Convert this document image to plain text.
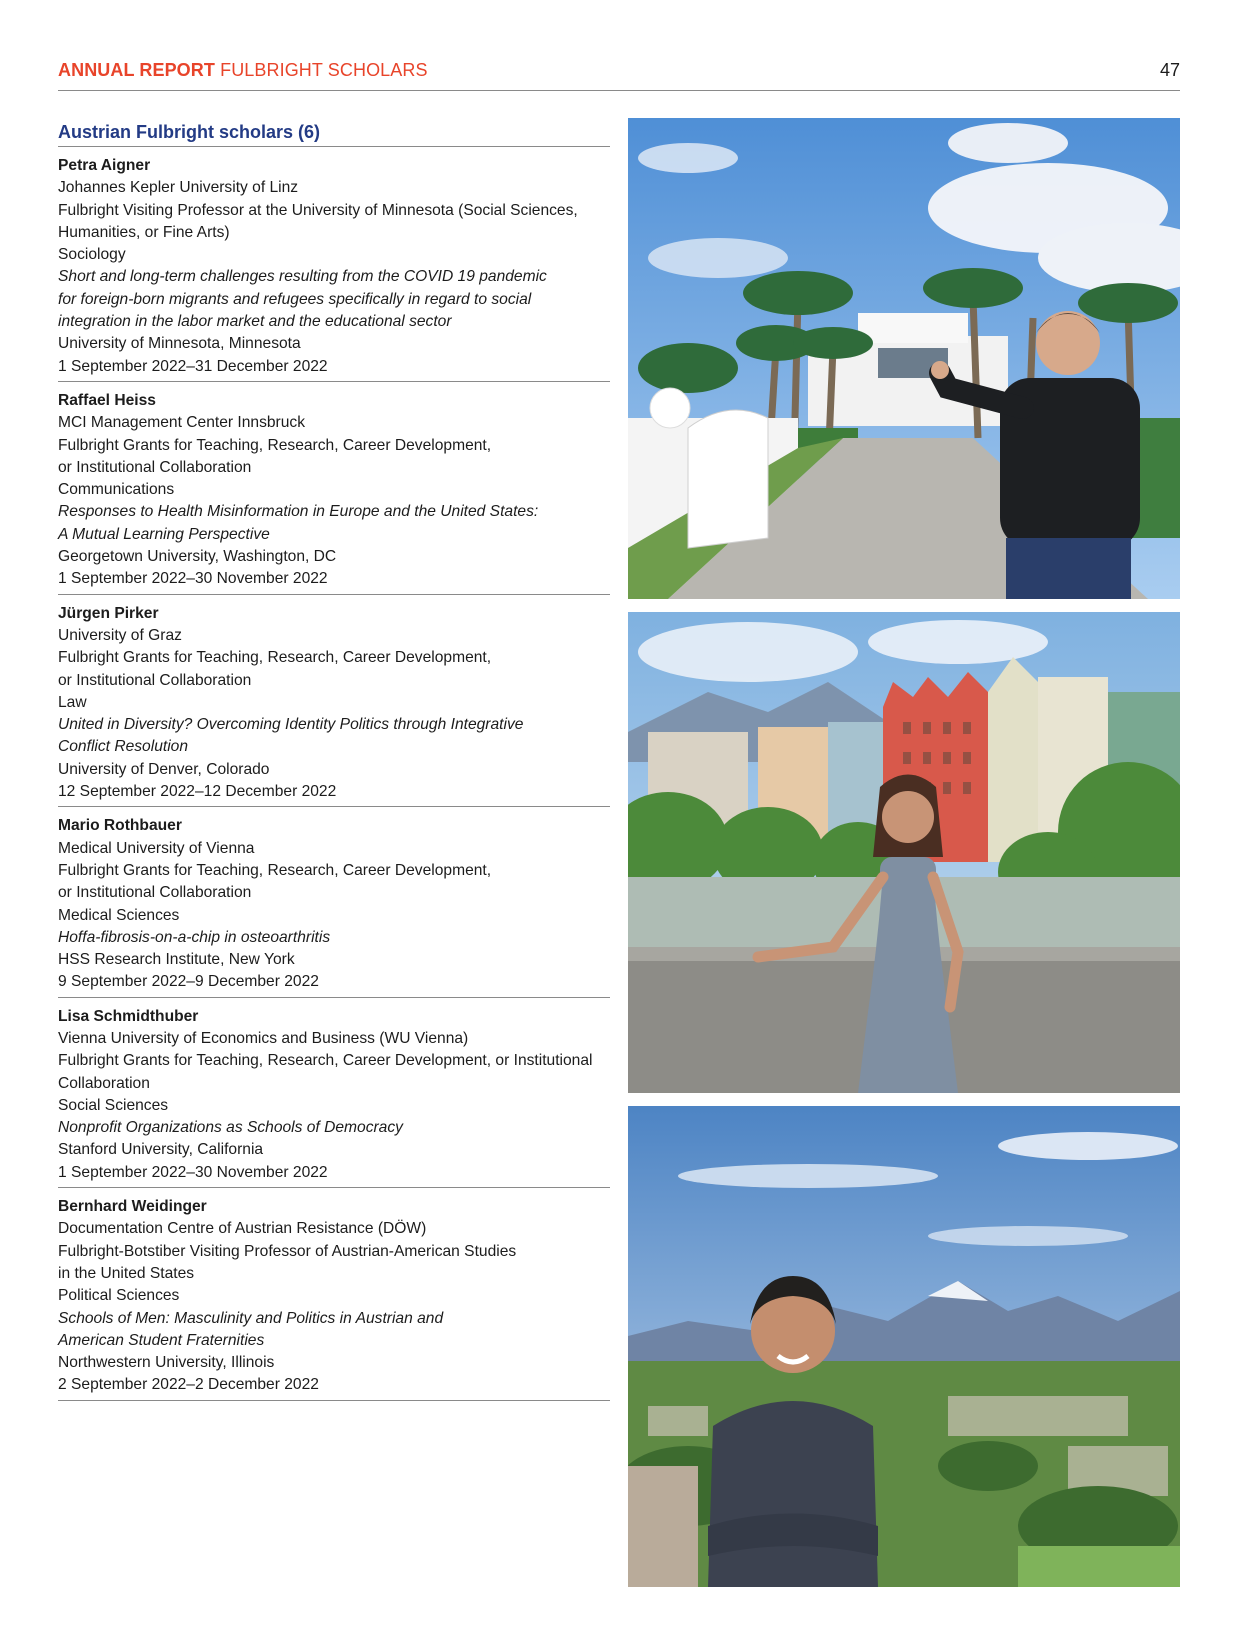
ANNUAL REPORT FULBRIGHT SCHOLARS	47
Austrian Fulbright scholars (6)
Petra Aigner
Johannes Kepler University of Linz
Fulbright Visiting Professor at the University of Minnesota (Social Sciences,
Humanities, or Fine Arts)
Sociology
Short and long-term challenges resulting from the COVID 19 pandemic
for foreign-born migrants and refugees specifically in regard to social
integration in the labor market and the educational sector
University of Minnesota, Minnesota
1 September 2022–31 December 2022
Raffael Heiss
MCI Management Center Innsbruck
Fulbright Grants for Teaching, Research, Career Development,
or Institutional Collaboration
Communications
Responses to Health Misinformation in Europe and the United States:
A Mutual Learning Perspective
Georgetown University, Washington, DC
1 September 2022–30 November 2022
Jürgen Pirker
University of Graz
Fulbright Grants for Teaching, Research, Career Development,
or Institutional Collaboration
Law
United in Diversity? Overcoming Identity Politics through Integrative
Conflict Resolution
University of Denver, Colorado
12 September 2022–12 December 2022
Mario Rothbauer
Medical University of Vienna
Fulbright Grants for Teaching, Research, Career Development,
or Institutional Collaboration
Medical Sciences
Hoffa-fibrosis-on-a-chip in osteoarthritis
HSS Research Institute, New York
9 September 2022–9 December 2022
Lisa Schmidthuber
Vienna University of Economics and Business (WU Vienna)
Fulbright Grants for Teaching, Research, Career Development, or Institutional
Collaboration
Social Sciences
Nonprofit Organizations as Schools of Democracy
Stanford University, California
1 September 2022–30 November 2022
Bernhard Weidinger
Documentation Centre of Austrian Resistance (DÖW)
Fulbright-Botstiber Visiting Professor of Austrian-American Studies
in the United States
Political Sciences
Schools of Men: Masculinity and Politics in Austrian and
American Student Fraternities
Northwestern University, Illinois
2 September 2022–2 December 2022
